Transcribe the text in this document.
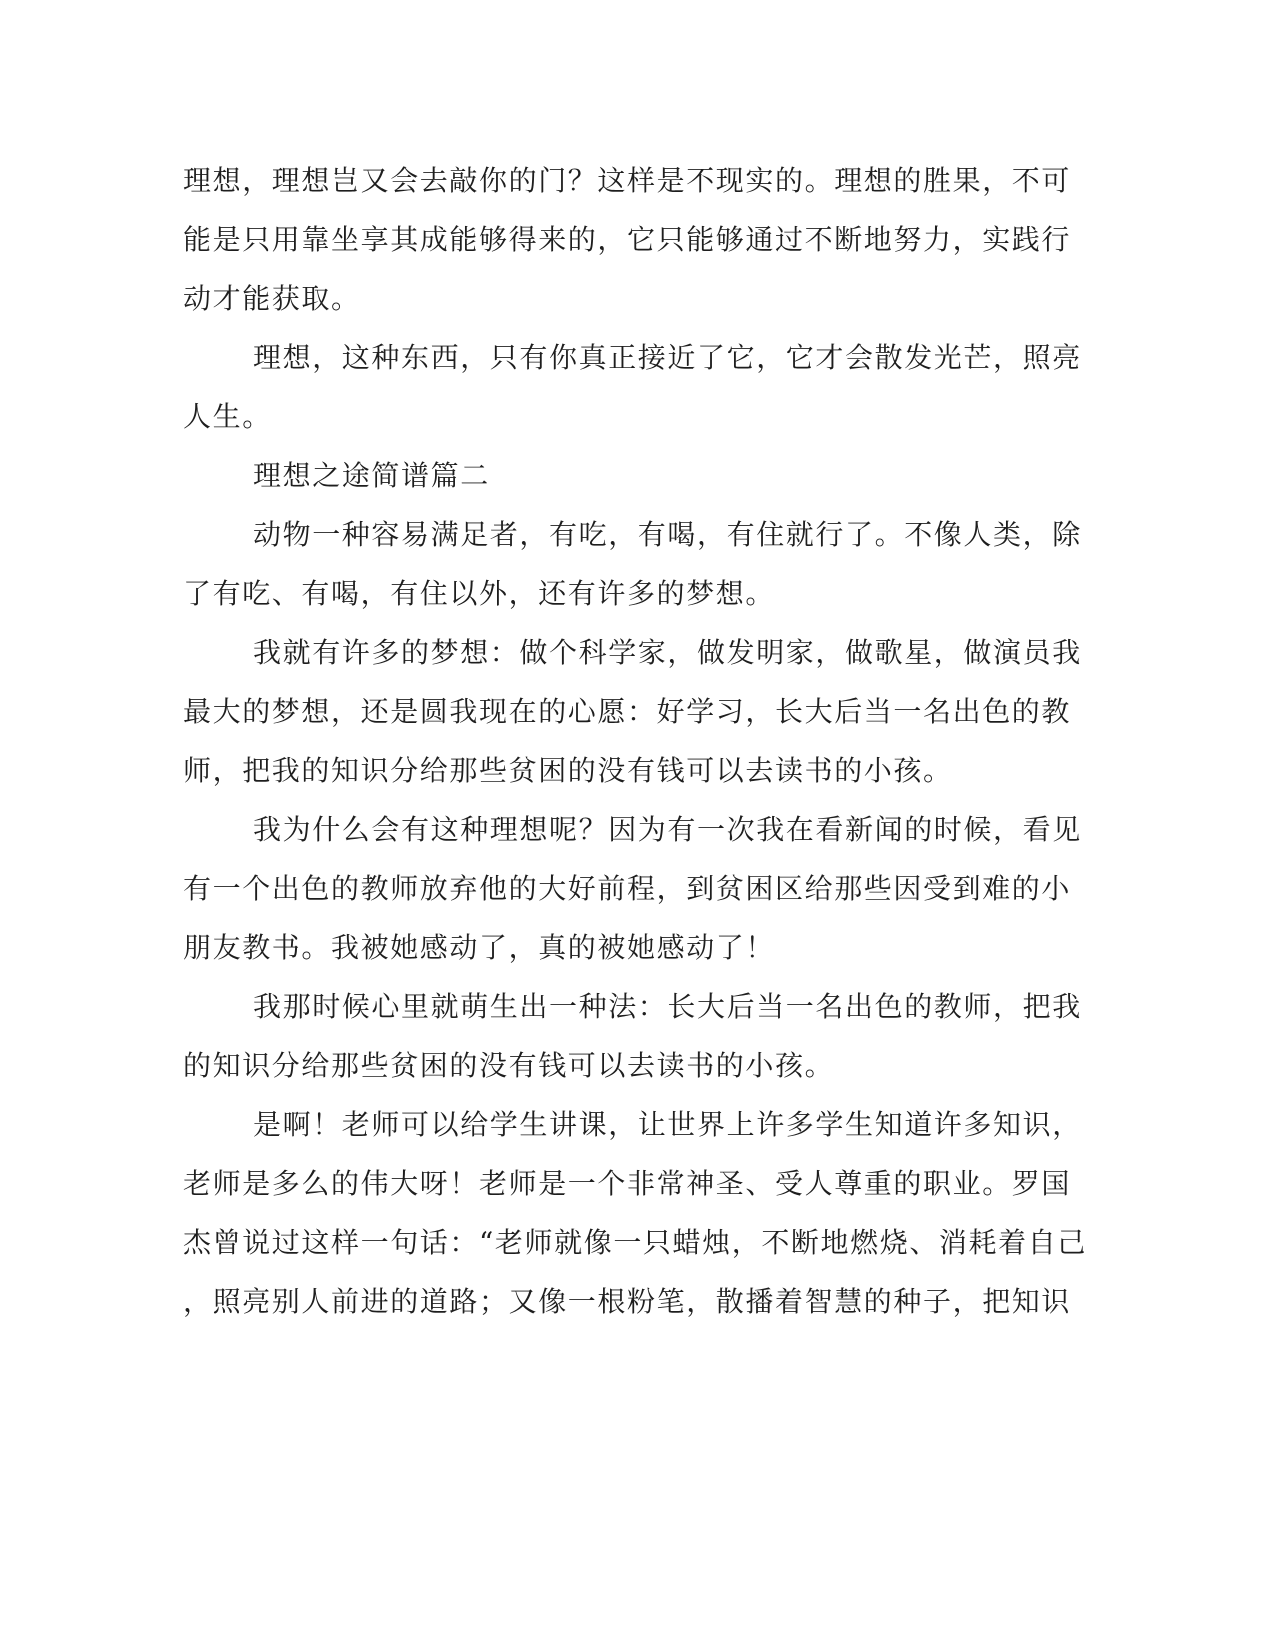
理想，理想岂又会去敲你的门？这样是不现实的。理想的胜果，不可

能是只用靠坐享其成能够得来的，它只能够通过不断地努力，实践行

动才能获取。

理想，这种东西，只有你真正接近了它，它才会散发光芒，照亮

人生。

理想之途简谱篇二

动物一种容易满足者，有吃，有喝，有住就行了。不像人类，除

了有吃、有喝，有住以外，还有许多的梦想。

我就有许多的梦想：做个科学家，做发明家，做歌星，做演员我

最大的梦想，还是圆我现在的心愿：好学习，长大后当一名出色的教

师，把我的知识分给那些贫困的没有钱可以去读书的小孩。

我为什么会有这种理想呢？因为有一次我在看新闻的时候，看见

有一个出色的教师放弃他的大好前程，到贫困区给那些因受到难的小

朋友教书。我被她感动了，真的被她感动了！

我那时候心里就萌生出一种法：长大后当一名出色的教师，把我

的知识分给那些贫困的没有钱可以去读书的小孩。

是啊！老师可以给学生讲课，让世界上许多学生知道许多知识，

老师是多么的伟大呀！老师是一个非常神圣、受人尊重的职业。罗国

杰曾说过这样一句话：“老师就像一只蜡烛，不断地燃烧、消耗着自己

，照亮别人前进的道路；又像一根粉笔，散播着智慧的种子，把知识
